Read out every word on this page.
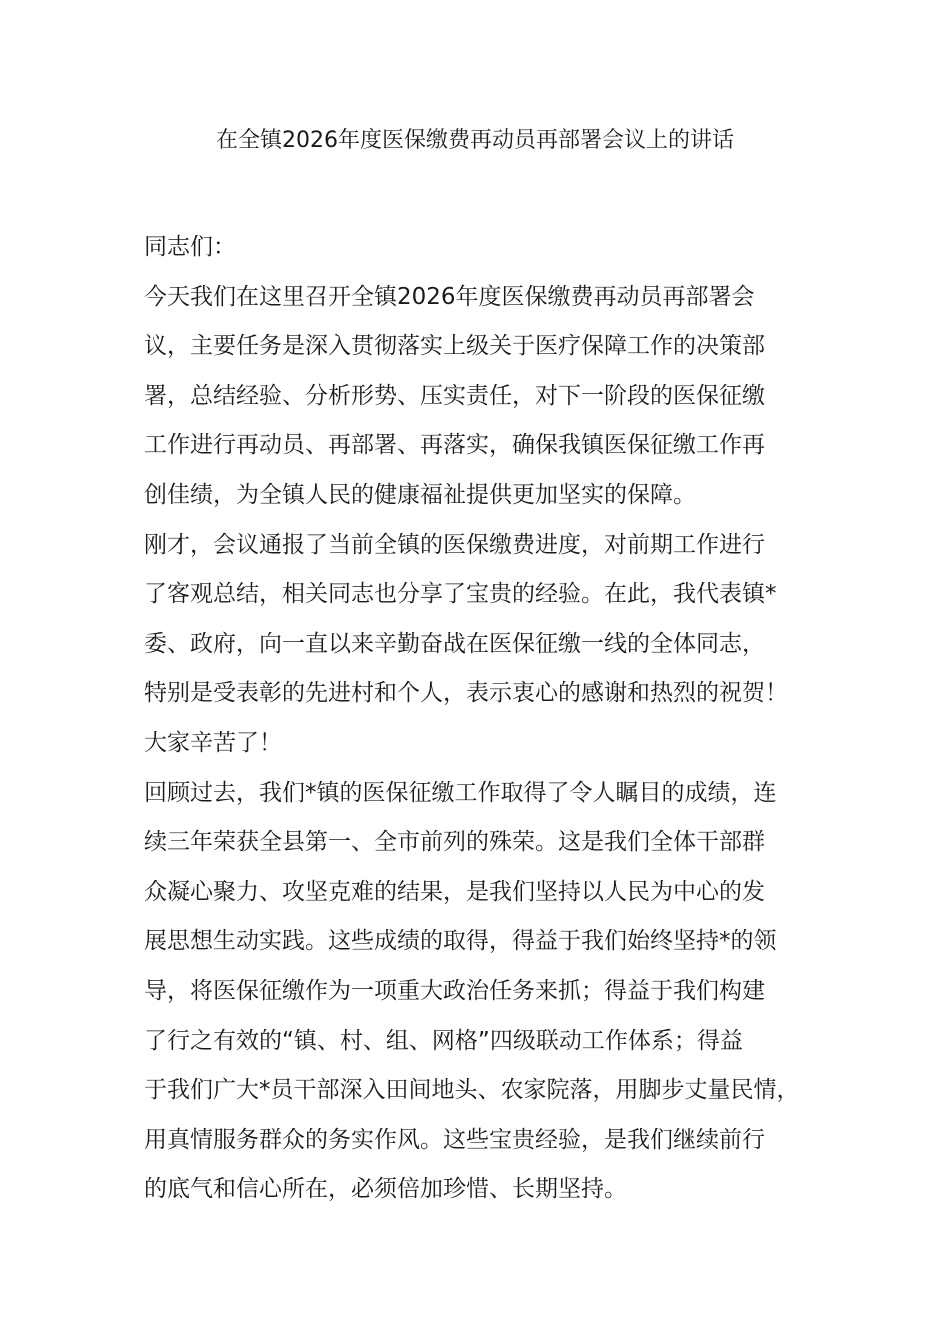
在全镇2026年度医保缴费再动员再部署会议上的讲话
同志们：
今天我们在这里召开全镇2026年度医保缴费再动员再部署会
议，主要任务是深入贯彻落实上级关于医疗保障工作的决策部
署，总结经验、分析形势、压实责任，对下一阶段的医保征缴
工作进行再动员、再部署、再落实，确保我镇医保征缴工作再
创佳绩，为全镇人民的健康福祉提供更加坚实的保障。
刚才，会议通报了当前全镇的医保缴费进度，对前期工作进行
了客观总结，相关同志也分享了宝贵的经验。在此，我代表镇*
委、政府，向一直以来辛勤奋战在医保征缴一线的全体同志，
特别是受表彰的先进村和个人，表示衷心的感谢和热烈的祝贺！
大家辛苦了！
回顾过去，我们*镇的医保征缴工作取得了令人瞩目的成绩，连
续三年荣获全县第一、全市前列的殊荣。这是我们全体干部群
众凝心聚力、攻坚克难的结果，是我们坚持以人民为中心的发
展思想生动实践。这些成绩的取得，得益于我们始终坚持*的领
导，将医保征缴作为一项重大政治任务来抓；得益于我们构建
了行之有效的“镇、村、组、网格”四级联动工作体系；得益
于我们广大*员干部深入田间地头、农家院落，用脚步丈量民情，
用真情服务群众的务实作风。这些宝贵经验，是我们继续前行
的底气和信心所在，必须倍加珍惜、长期坚持。
